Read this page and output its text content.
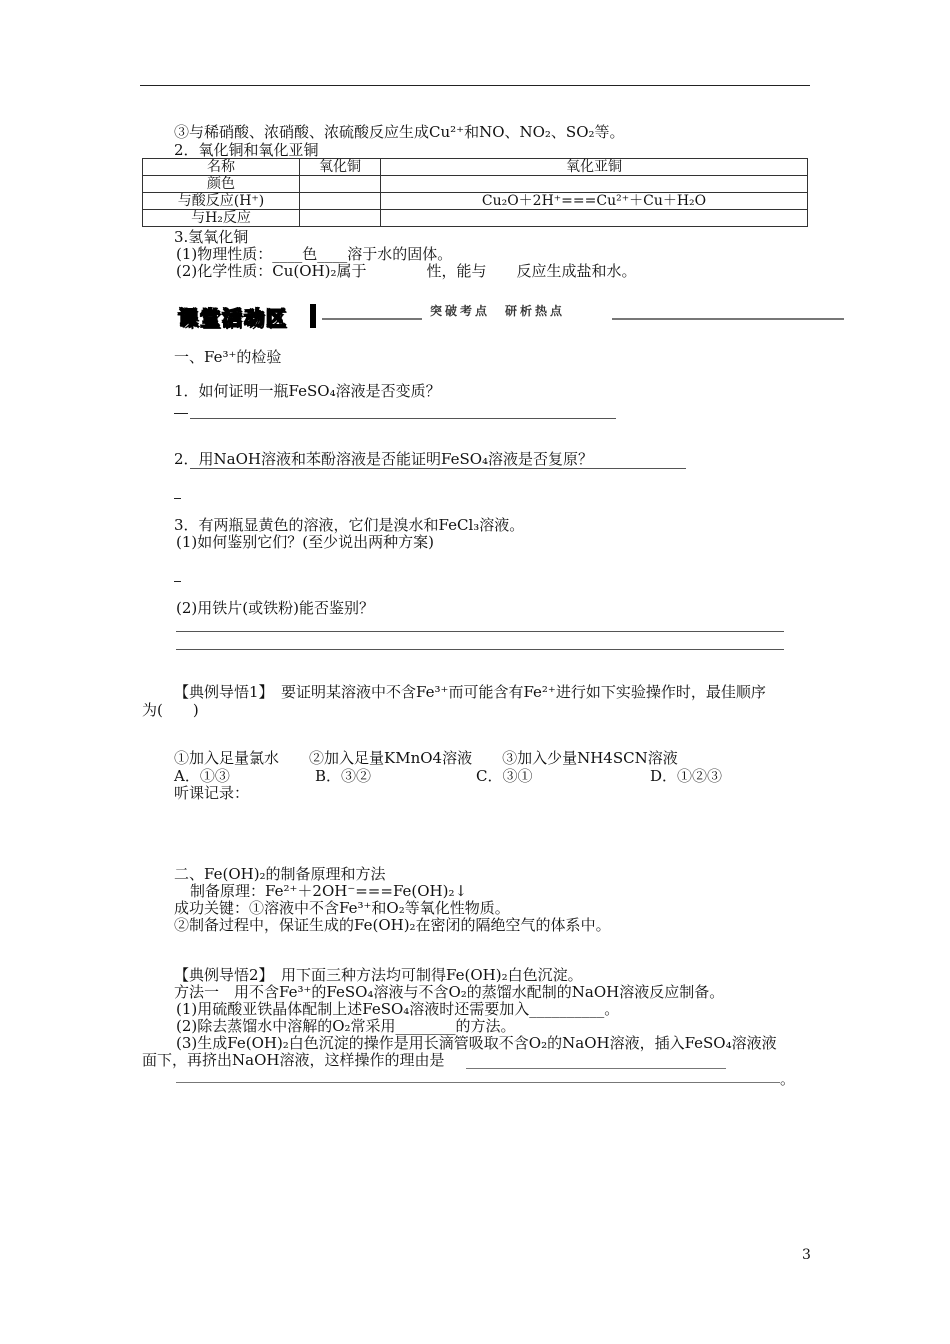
③与稀硝酸、浓硝酸、浓硫酸反应生成Cu²⁺和NO、NO₂、SO₂等。
2．氧化铜和氧化亚铜
名称	氧化铜	氧化亚铜
颜色		
与酸反应(H⁺)		Cu₂O＋2H⁺===Cu²⁺＋Cu＋H₂O
与H₂反应		
3.氢氧化铜
(1)物理性质：____色____溶于水的固体。
(2)化学性质：Cu(OH)₂属于　　　　性，能与　　反应生成盐和水。
课堂活动区	突破考点　研析热点
一、Fe³⁺的检验
1．如何证明一瓶FeSO₄溶液是否变质？
2．用NaOH溶液和苯酚溶液是否能证明FeSO₄溶液是否复原？
3．有两瓶显黄色的溶液，它们是溴水和FeCl₃溶液。
(1)如何鉴别它们？(至少说出两种方案)
(2)用铁片(或铁粉)能否鉴别？
【典例导悟1】　要证明某溶液中不含Fe³⁺而可能含有Fe²⁺进行如下实验操作时，最佳顺序
为(　　)
①加入足量氯水　　②加入足量KMnO4溶液　　③加入少量NH4SCN溶液
A．①③	B．③②	C．③①	D．①②③
听课记录：
二、Fe(OH)₂的制备原理和方法
制备原理：Fe²⁺＋2OH⁻===Fe(OH)₂↓
成功关键：①溶液中不含Fe³⁺和O₂等氧化性物质。
②制备过程中，保证生成的Fe(OH)₂在密闭的隔绝空气的体系中。
【典例导悟2】　用下面三种方法均可制得Fe(OH)₂白色沉淀。
方法一　用不含Fe³⁺的FeSO₄溶液与不含O₂的蒸馏水配制的NaOH溶液反应制备。
(1)用硫酸亚铁晶体配制上述FeSO₄溶液时还需要加入__________。
(2)除去蒸馏水中溶解的O₂常采用________的方法。
(3)生成Fe(OH)₂白色沉淀的操作是用长滴管吸取不含O₂的NaOH溶液，插入FeSO₄溶液液
面下，再挤出NaOH溶液，这样操作的理由是
。
3
